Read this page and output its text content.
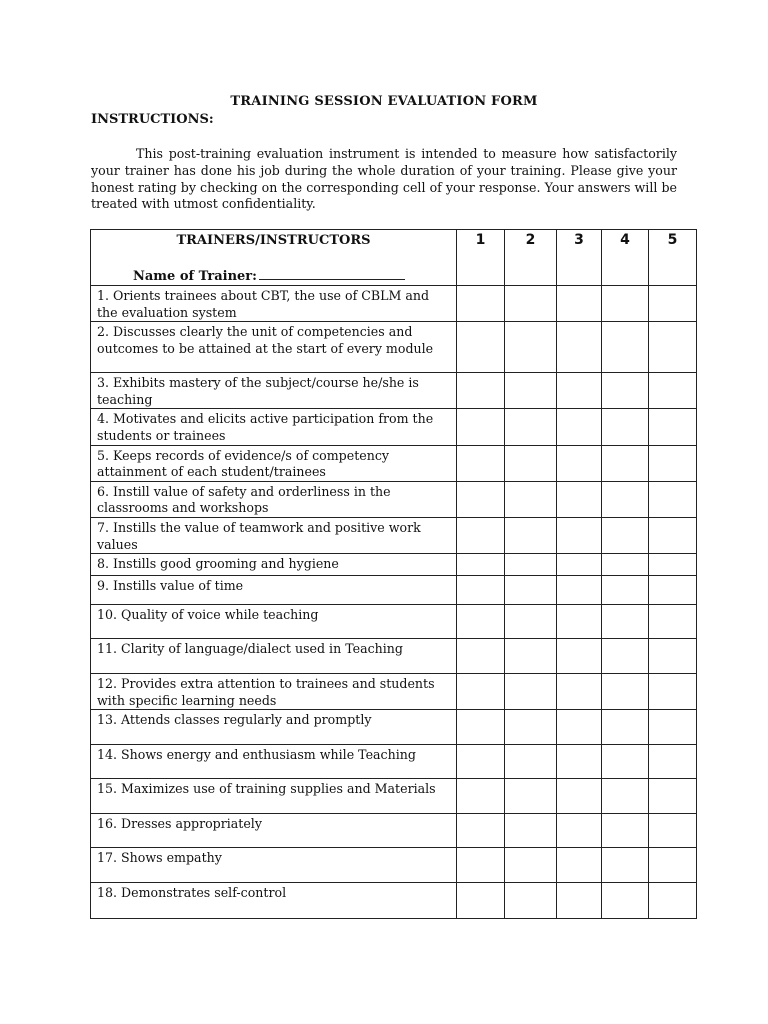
TRAINING SESSION EVALUATION FORM
INSTRUCTIONS:

This post-training evaluation instrument is intended to measure how satisfactorily your trainer has done his job during the whole duration of your training. Please give your honest rating by checking on the corresponding cell of your response. Your answers will be treated with utmost confidentiality.

TRAINERS/INSTRUCTORS
Name of Trainer:	1	2	3	4	5
1. Orients trainees about CBT, the use of CBLM and the evaluation system					
2. Discusses clearly the unit of competencies and outcomes to be attained at the start of every module					
3. Exhibits mastery of the subject/course he/she is teaching					
4. Motivates and elicits active participation from the students or trainees					
5. Keeps records of evidence/s of competency attainment of each student/trainees					
6. Instill value of safety and orderliness in the classrooms and workshops					
7. Instills the value of teamwork and positive work values					
8. Instills good grooming and hygiene					
9. Instills value of time					
10. Quality of voice while teaching					
11. Clarity of language/dialect used in Teaching					
12. Provides extra attention to trainees and students with specific learning needs					
13. Attends classes regularly and promptly					
14. Shows energy and enthusiasm while Teaching					
15. Maximizes use of training supplies and Materials					
16. Dresses appropriately					
17. Shows empathy					
18. Demonstrates self-control					
